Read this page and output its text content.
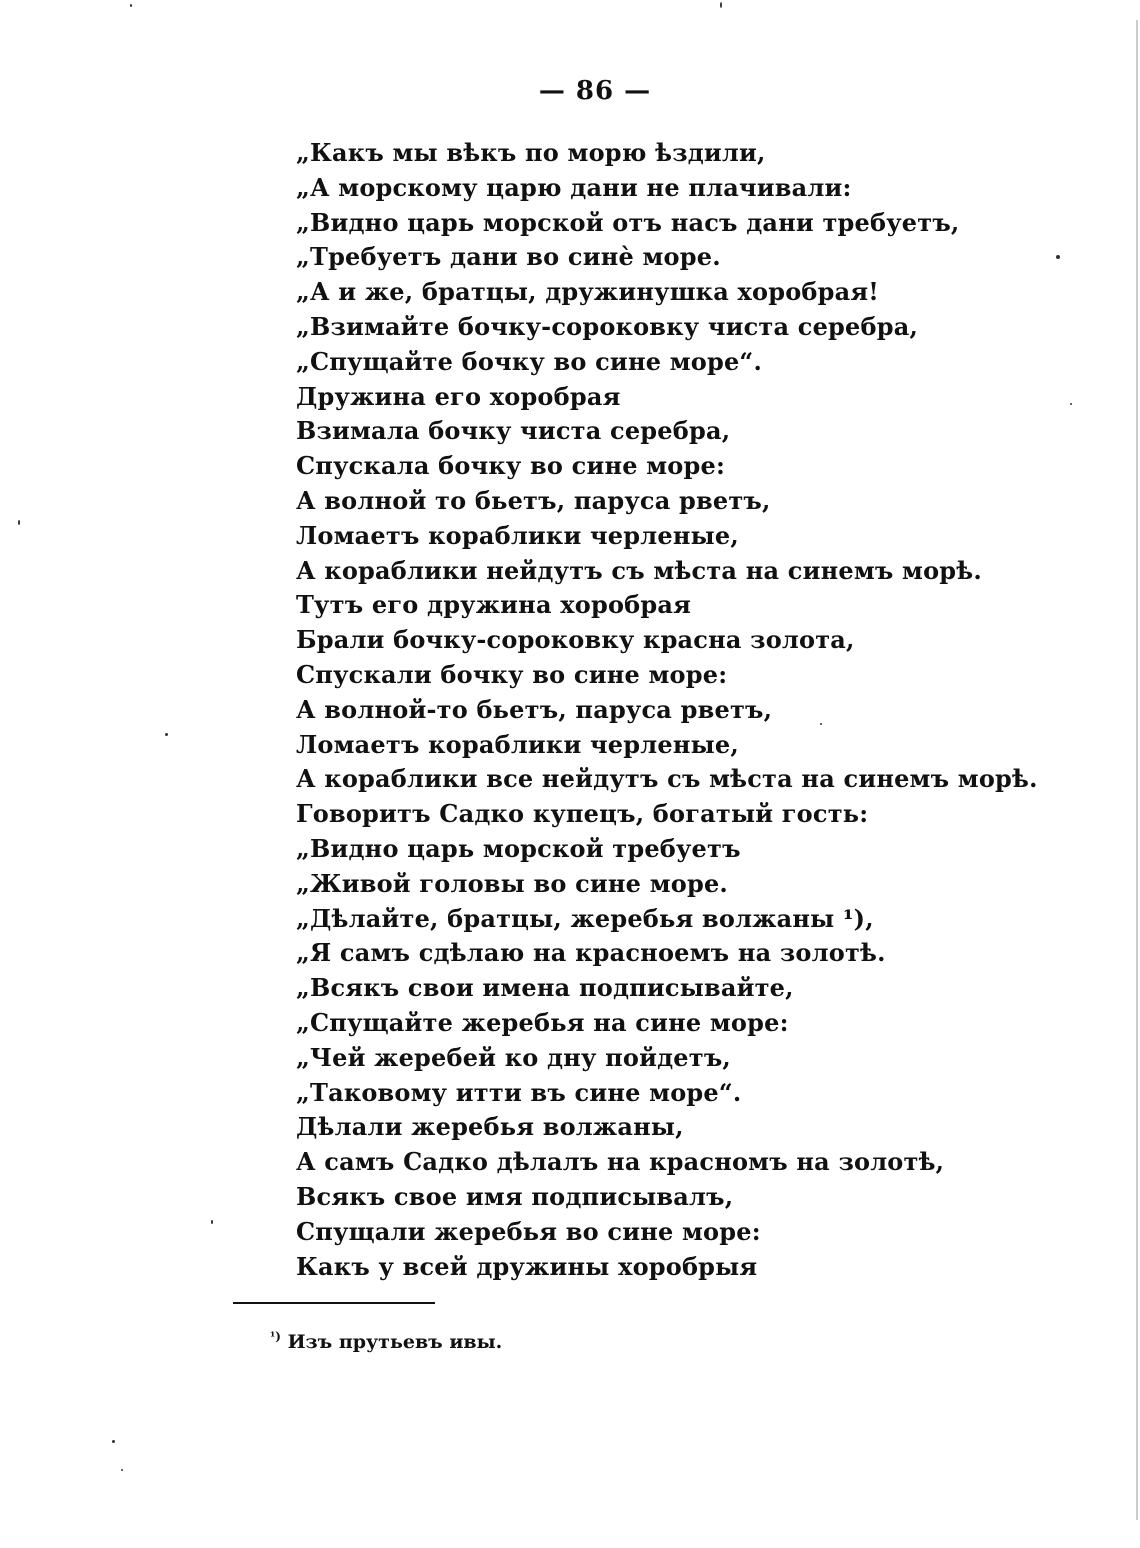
— 86 —
„Какъ мы вѣкъ по морю ѣздили,
„А морскому царю дани не плачивали:
„Видно царь морской отъ насъ дани требуетъ,
„Требуетъ дани во синѐ море.
„А и же, братцы, дружинушка хоробрая!
„Взимайте бочку-сороковку чиста серебра,
„Спущайте бочку во сине море“.
Дружина его хоробрая
Взимала бочку чиста серебра,
Спускала бочку во сине море:
А волной то бьетъ, паруса рветъ,
Ломаетъ кораблики черленые,
А кораблики нейдутъ съ мѣста на синемъ морѣ.
Тутъ его дружина хоробрая
Брали бочку-сороковку красна золота,
Спускали бочку во сине море:
А волной-то бьетъ, паруса рветъ,
Ломаетъ кораблики черленые,
А кораблики все нейдутъ съ мѣста на синемъ морѣ.
Говоритъ Садко купецъ, богатый гость:
„Видно царь морской требуетъ
„Живой головы во сине море.
„Дѣлайте, братцы, жеребья волжаны ¹),
„Я самъ сдѣлаю на красноемъ на золотѣ.
„Всякъ свои имена подписывайте,
„Спущайте жеребья на сине море:
„Чей жеребей ко дну пойдетъ,
„Таковому итти въ сине море“.
Дѣлали жеребья волжаны,
А самъ Садко дѣлалъ на красномъ на золотѣ,
Всякъ свое имя подписывалъ,
Спущали жеребья во сине море:
Какъ у всей дружины хоробрыя
$^{^1)}$ Изъ прутьевъ ивы.
